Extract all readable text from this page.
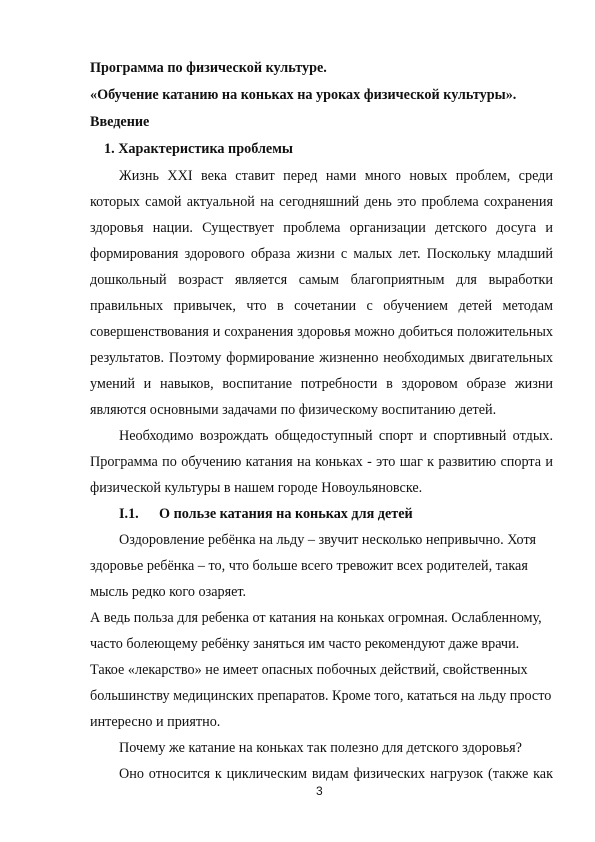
Программа по физической культуре.
«Обучение катанию на коньках на уроках физической культуры».
Введение
1. Характеристика проблемы
Жизнь XXI века ставит перед нами много новых проблем, среди
которых самой актуальной на сегодняшний день это проблема сохранения
здоровья нации. Существует проблема организации детского досуга и
формирования здорового образа жизни с малых лет. Поскольку младший
дошкольный возраст является самым благоприятным для выработки
правильных привычек, что в сочетании с обучением детей методам
совершенствования и сохранения здоровья можно добиться положительных
результатов. Поэтому формирование жизненно необходимых двигательных
умений и навыков, воспитание потребности в здоровом образе жизни
являются основными задачами по физическому воспитанию детей.
Необходимо возрождать общедоступный спорт и спортивный отдых.
Программа по обучению катания на коньках - это шаг к развитию спорта и
физической культуры в нашем городе Новоульяновске.
I.1. О пользе катания на коньках для детей
Оздоровление ребёнка на льду – звучит несколько непривычно. Хотя
здоровье ребёнка – то, что больше всего тревожит всех родителей, такая
мысль редко кого озаряет.
А ведь польза для ребенка от катания на коньках огромная. Ослабленному,
часто болеющему ребёнку заняться им часто рекомендуют даже врачи.
Такое «лекарство» не имеет опасных побочных действий, свойственных
большинству медицинских препаратов. Кроме того, кататься на льду просто
интересно и приятно.
Почему же катание на коньках так полезно для детского здоровья?
Оно относится к циклическим видам физических нагрузок (также как
3
